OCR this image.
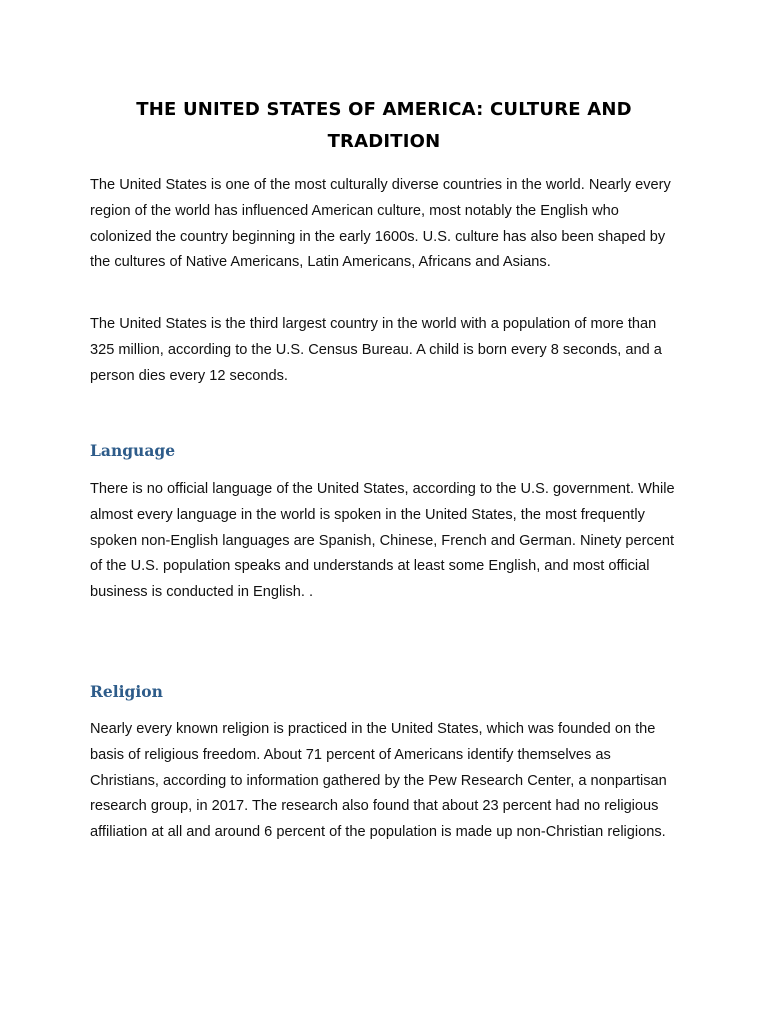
THE UNITED STATES OF AMERICA: CULTURE AND TRADITION

The United States is one of the most culturally diverse countries in the world. Nearly every region of the world has influenced American culture, most notably the English who colonized the country beginning in the early 1600s. U.S. culture has also been shaped by the cultures of Native Americans, Latin Americans, Africans and Asians.

The United States is the third largest country in the world with a population of more than 325 million, according to the U.S. Census Bureau. A child is born every 8 seconds, and a person dies every 12 seconds.

Language

There is no official language of the United States, according to the U.S. government. While almost every language in the world is spoken in the United States, the most frequently spoken non-English languages are Spanish, Chinese, French and German. Ninety percent of the U.S. population speaks and understands at least some English, and most official business is conducted in English. .

Religion

Nearly every known religion is practiced in the United States, which was founded on the basis of religious freedom. About 71 percent of Americans identify themselves as Christians, according to information gathered by the Pew Research Center, a nonpartisan research group, in 2017. The research also found that about 23 percent had no religious affiliation at all and around 6 percent of the population is made up non-Christian religions.
